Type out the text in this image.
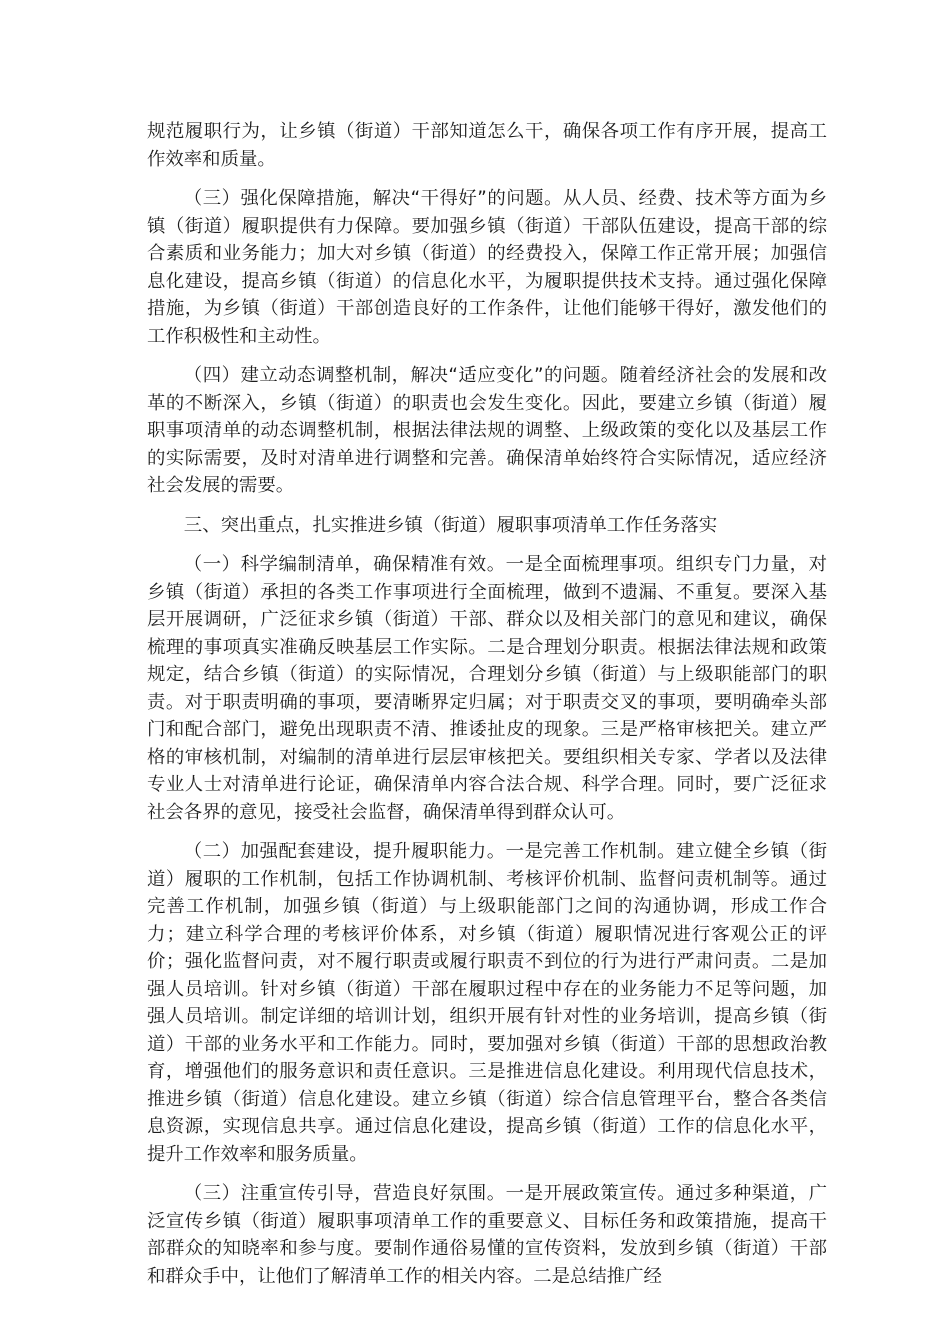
规范履职行为，让乡镇（街道）干部知道怎么干，确保各项工作有序开展，提高工作效率和质量。

（三）强化保障措施，解决“干得好”的问题。从人员、经费、技术等方面为乡镇（街道）履职提供有力保障。要加强乡镇（街道）干部队伍建设，提高干部的综合素质和业务能力；加大对乡镇（街道）的经费投入，保障工作正常开展；加强信息化建设，提高乡镇（街道）的信息化水平，为履职提供技术支持。通过强化保障措施，为乡镇（街道）干部创造良好的工作条件，让他们能够干得好，激发他们的工作积极性和主动性。

（四）建立动态调整机制，解决“适应变化”的问题。随着经济社会的发展和改革的不断深入，乡镇（街道）的职责也会发生变化。因此，要建立乡镇（街道）履职事项清单的动态调整机制，根据法律法规的调整、上级政策的变化以及基层工作的实际需要，及时对清单进行调整和完善。确保清单始终符合实际情况，适应经济社会发展的需要。

三、突出重点，扎实推进乡镇（街道）履职事项清单工作任务落实

（一）科学编制清单，确保精准有效。一是全面梳理事项。组织专门力量，对乡镇（街道）承担的各类工作事项进行全面梳理，做到不遗漏、不重复。要深入基层开展调研，广泛征求乡镇（街道）干部、群众以及相关部门的意见和建议，确保梳理的事项真实准确反映基层工作实际。二是合理划分职责。根据法律法规和政策规定，结合乡镇（街道）的实际情况，合理划分乡镇（街道）与上级职能部门的职责。对于职责明确的事项，要清晰界定归属；对于职责交叉的事项，要明确牵头部门和配合部门，避免出现职责不清、推诿扯皮的现象。三是严格审核把关。建立严格的审核机制，对编制的清单进行层层审核把关。要组织相关专家、学者以及法律专业人士对清单进行论证，确保清单内容合法合规、科学合理。同时，要广泛征求社会各界的意见，接受社会监督，确保清单得到群众认可。

（二）加强配套建设，提升履职能力。一是完善工作机制。建立健全乡镇（街道）履职的工作机制，包括工作协调机制、考核评价机制、监督问责机制等。通过完善工作机制，加强乡镇（街道）与上级职能部门之间的沟通协调，形成工作合力；建立科学合理的考核评价体系，对乡镇（街道）履职情况进行客观公正的评价；强化监督问责，对不履行职责或履行职责不到位的行为进行严肃问责。二是加强人员培训。针对乡镇（街道）干部在履职过程中存在的业务能力不足等问题，加强人员培训。制定详细的培训计划，组织开展有针对性的业务培训，提高乡镇（街道）干部的业务水平和工作能力。同时，要加强对乡镇（街道）干部的思想政治教育，增强他们的服务意识和责任意识。三是推进信息化建设。利用现代信息技术，推进乡镇（街道）信息化建设。建立乡镇（街道）综合信息管理平台，整合各类信息资源，实现信息共享。通过信息化建设，提高乡镇（街道）工作的信息化水平，提升工作效率和服务质量。

（三）注重宣传引导，营造良好氛围。一是开展政策宣传。通过多种渠道，广泛宣传乡镇（街道）履职事项清单工作的重要意义、目标任务和政策措施，提高干部群众的知晓率和参与度。要制作通俗易懂的宣传资料，发放到乡镇（街道）干部和群众手中，让他们了解清单工作的相关内容。二是总结推广经
